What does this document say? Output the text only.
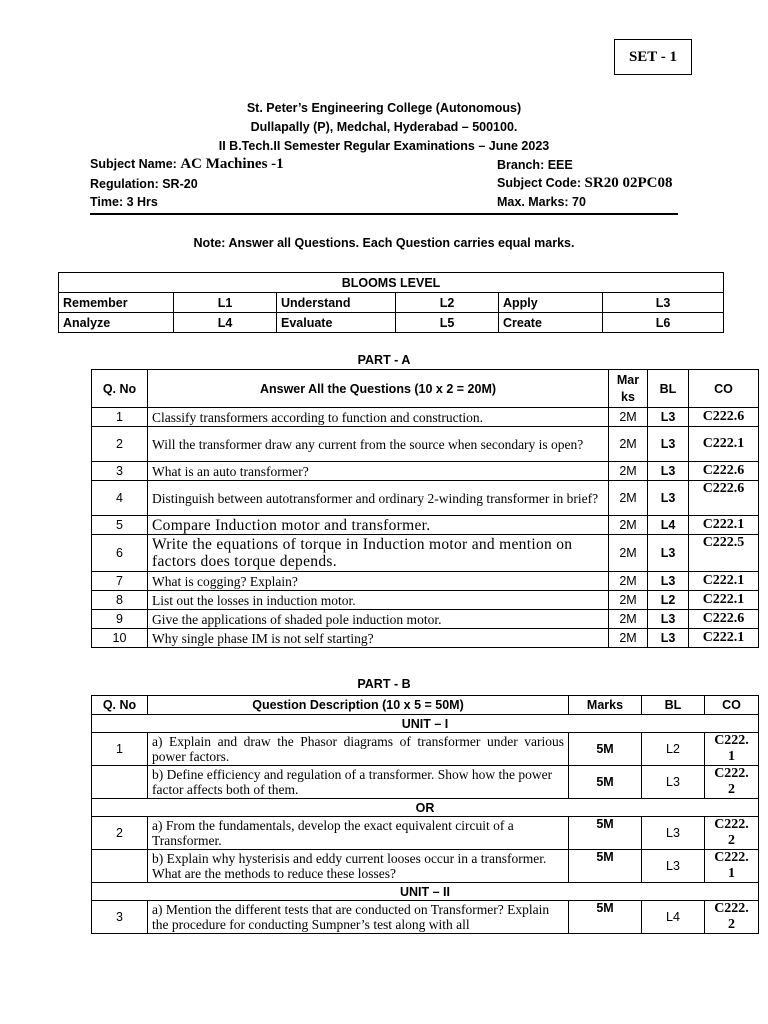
SET - 1
St. Peter’s Engineering College (Autonomous)
Dullapally (P), Medchal, Hyderabad – 500100.
II B.Tech.II Semester Regular Examinations – June 2023
Subject Name: AC Machines -1	Branch: EEE
Regulation: SR-20	Subject Code: SR20 02PC08
Time: 3 Hrs	Max. Marks: 70
Note: Answer all Questions. Each Question carries equal marks.
BLOOMS LEVEL					
Remember	L1	Understand	L2	Apply	L3
Analyze	L4	Evaluate	L5	Create	L6
PART - A
Q. No	Answer All the Questions (10 x 2 = 20M)	Mar ks	BL	CO
1	Classify transformers according to function and construction.	2M	L3	C222.6
2	Will the transformer draw any current from the source when secondary is open?	2M	L3	C222.1
3	What is an auto transformer?	2M	L3	C222.6
4	Distinguish between autotransformer and ordinary 2-winding transformer in brief?	2M	L3	C222.6
5	Compare Induction motor and transformer.	2M	L4	C222.1
6	Write the equations of torque in Induction motor and mention on factors does torque depends.	2M	L3	C222.5
7	What is cogging? Explain?	2M	L3	C222.1
8	List out the losses in induction motor.	2M	L2	C222.1
9	Give the applications of shaded pole induction motor.	2M	L3	C222.6
10	Why single phase IM is not self starting?	2M	L3	C222.1
PART - B
Q. No	Question Description (10 x 5 = 50M)	Marks	BL	CO
UNIT – I				
1	a) Explain and draw the Phasor diagrams of transformer under various power factors.	5M	L2	C222. 1
	b) Define efficiency and regulation of a transformer. Show how the power factor affects both of them.	5M	L3	C222. 2
OR				
2	a) From the fundamentals, develop the exact equivalent circuit of a Transformer.	5M	L3	C222. 2
	b) Explain why hysterisis and eddy current looses occur in a transformer. What are the methods to reduce these losses?	5M	L3	C222. 1
UNIT – II				
3	a) Mention the different tests that are conducted on Transformer? Explain the procedure for conducting Sumpner’s test along with all	5M	L4	C222. 2
